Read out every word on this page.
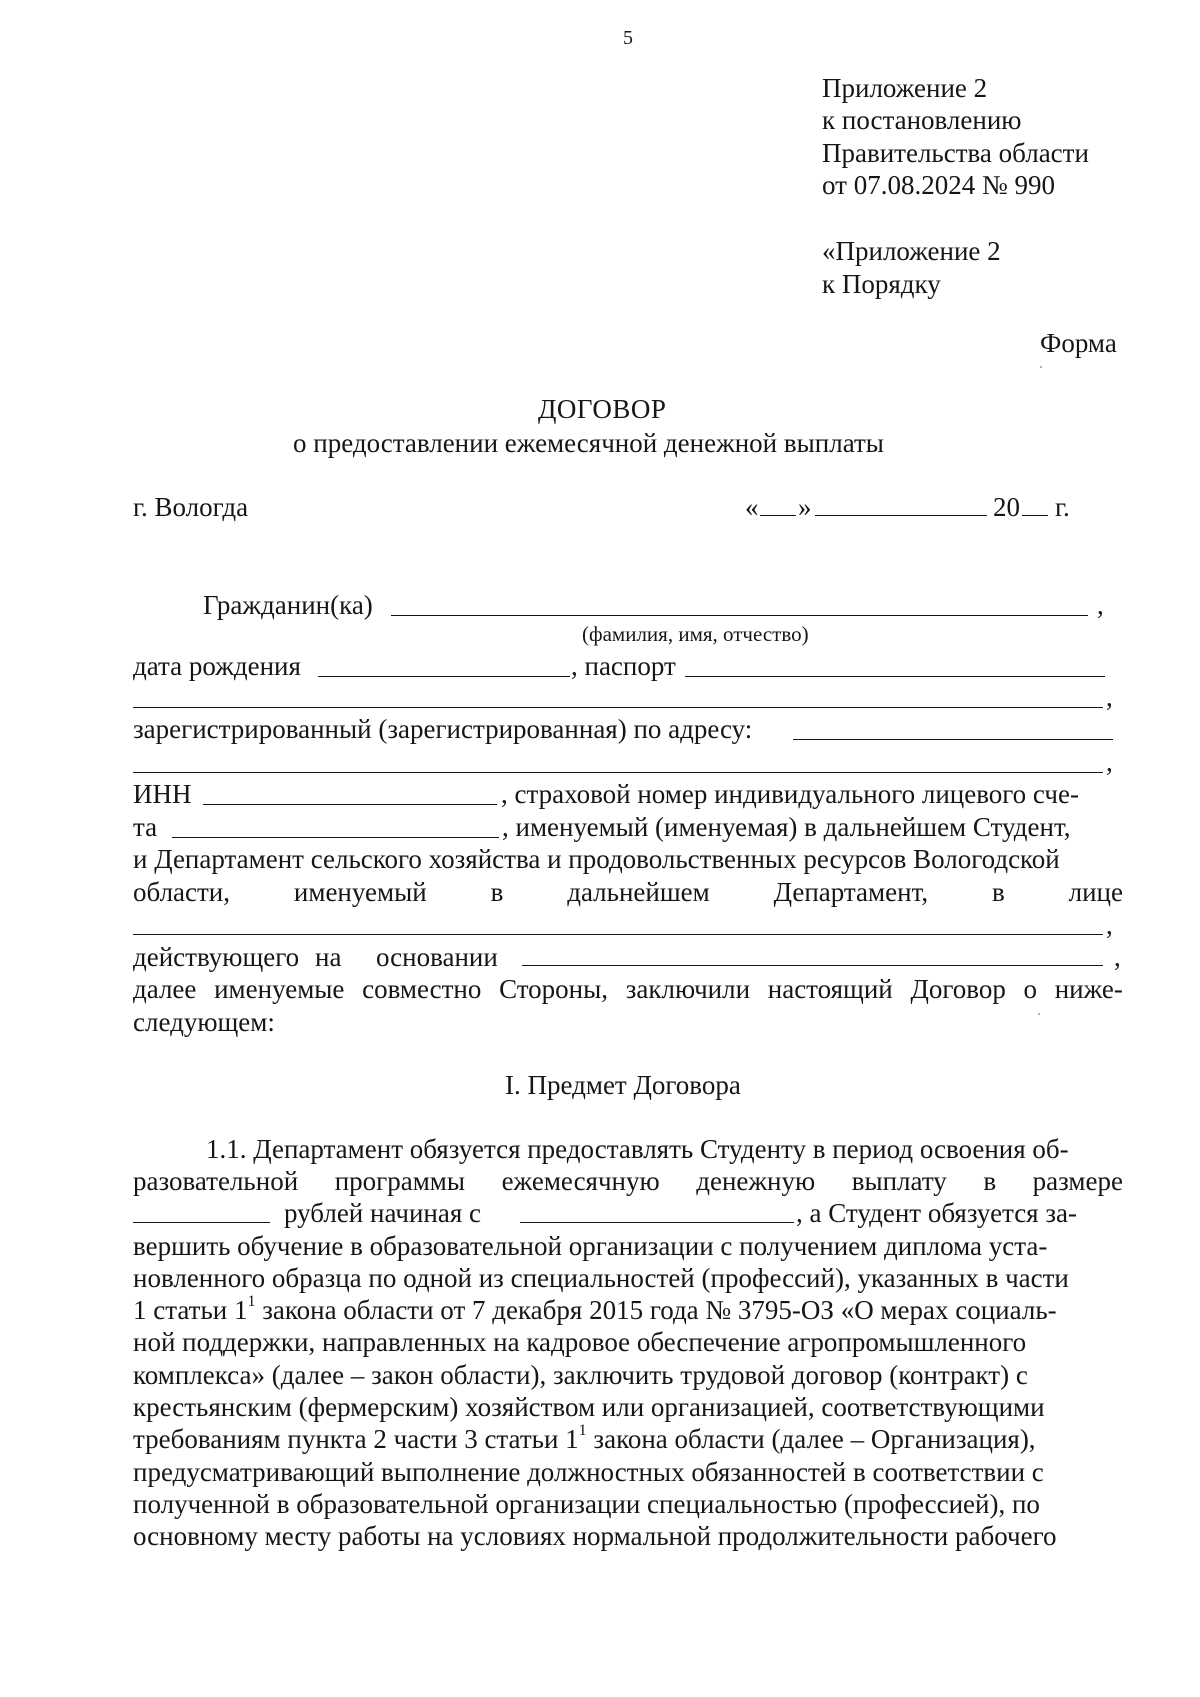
5
Приложение 2
к постановлению
Правительства области
от 07.08.2024 № 990
«Приложение 2
к Порядку
Форма
ДОГОВОР
о предоставлении ежемесячной денежной выплаты
г. Вологда	« »	20 г.
Гражданин(ка)	,
(фамилия, имя, отчество)
дата рождения	, паспорт
,
зарегистрированный (зарегистрированная) по адресу:
,
ИНН	, страховой номер индивидуального лицевого сче-
та	, именуемый (именуемая) в дальнейшем Студент,
и Департамент сельского хозяйства и продовольственных ресурсов Вологодской
области, именуемый в дальнейшем Департамент, в лице
,
действующего на основании	,
далее именуемые совместно Стороны, заключили настоящий Договор о ниже-
следующем:
I. Предмет Договора
1.1. Департамент обязуется предоставлять Студенту в период освоения об-
разовательной программы ежемесячную денежную выплату в размере
рублей начиная с	, а Студент обязуется за-
вершить обучение в образовательной организации с получением диплома уста-
новленного образца по одной из специальностей (профессий), указанных в части
1 статьи $1^1$ закона области от 7 декабря 2015 года № 3795-ОЗ «О мерах социаль-
ной поддержки, направленных на кадровое обеспечение агропромышленного
комплекса» (далее – закон области), заключить трудовой договор (контракт) с
крестьянским (фермерским) хозяйством или организацией, соответствующими
требованиям пункта 2 части 3 статьи $1^1$ закона области (далее – Организация),
предусматривающий выполнение должностных обязанностей в соответствии с
полученной в образовательной организации специальностью (профессией), по
основному месту работы на условиях нормальной продолжительности рабочего
